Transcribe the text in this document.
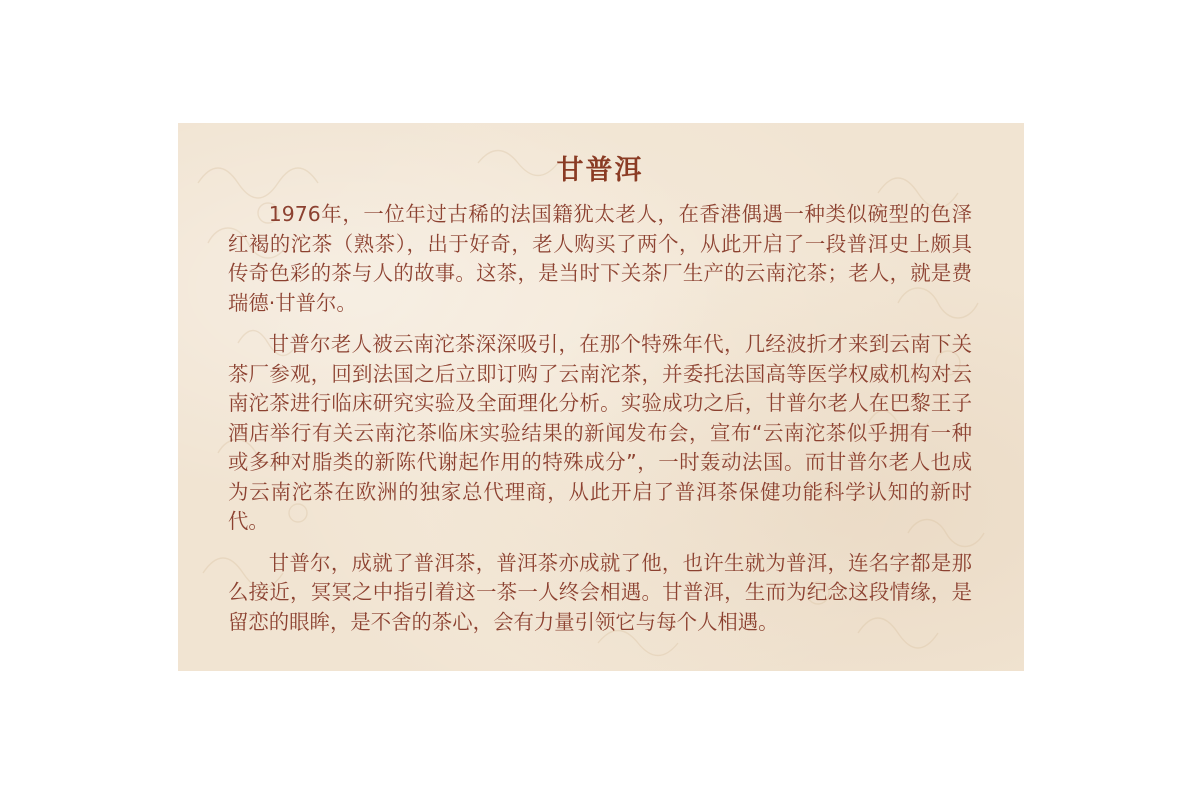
甘普洱

1976年，一位年过古稀的法国籍犹太老人，在香港偶遇一种类似碗型的色泽红褐的沱茶（熟茶），出于好奇，老人购买了两个，从此开启了一段普洱史上颇具传奇色彩的茶与人的故事。这茶，是当时下关茶厂生产的云南沱茶；老人，就是费瑞德·甘普尔。

甘普尔老人被云南沱茶深深吸引，在那个特殊年代，几经波折才来到云南下关茶厂参观，回到法国之后立即订购了云南沱茶，并委托法国高等医学权威机构对云南沱茶进行临床研究实验及全面理化分析。实验成功之后，甘普尔老人在巴黎王子酒店举行有关云南沱茶临床实验结果的新闻发布会，宣布“云南沱茶似乎拥有一种或多种对脂类的新陈代谢起作用的特殊成分”，一时轰动法国。而甘普尔老人也成为云南沱茶在欧洲的独家总代理商，从此开启了普洱茶保健功能科学认知的新时代。

甘普尔，成就了普洱茶，普洱茶亦成就了他，也许生就为普洱，连名字都是那么接近，冥冥之中指引着这一茶一人终会相遇。甘普洱，生而为纪念这段情缘，是留恋的眼眸，是不舍的茶心，会有力量引领它与每个人相遇。
